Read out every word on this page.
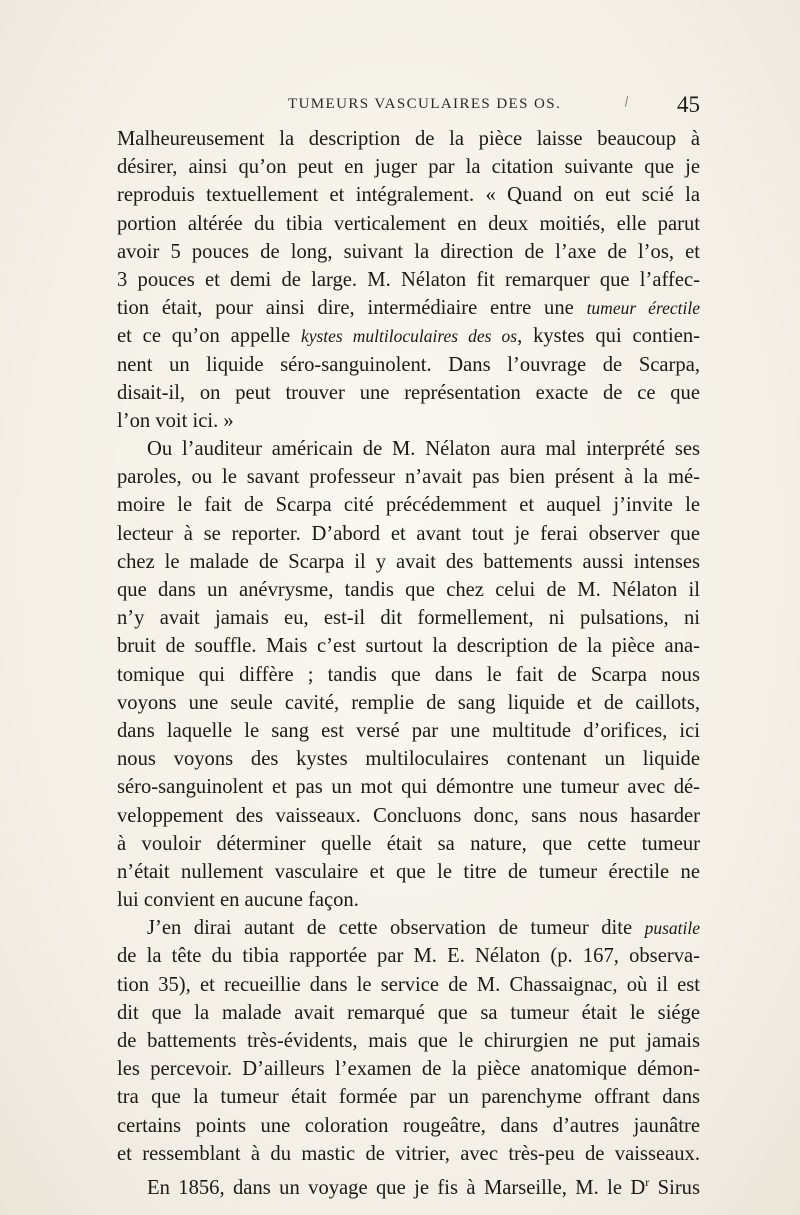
TUMEURS VASCULAIRES DES OS.	45
Malheureusement la description de la pièce laisse beaucoup à
désirer, ainsi qu’on peut en juger par la citation suivante que je
reproduis textuellement et intégralement. « Quand on eut scié la
portion altérée du tibia verticalement en deux moitiés, elle parut
avoir 5 pouces de long, suivant la direction de l’axe de l’os, et
3 pouces et demi de large. M. Nélaton fit remarquer que l’affec-
tion était, pour ainsi dire, intermédiaire entre une tumeur érectile
et ce qu’on appelle kystes multiloculaires des os, kystes qui contien-
nent un liquide séro-sanguinolent. Dans l’ouvrage de Scarpa,
disait-il, on peut trouver une représentation exacte de ce que
l’on voit ici. »
Ou l’auditeur américain de M. Nélaton aura mal interprété ses
paroles, ou le savant professeur n’avait pas bien présent à la mé-
moire le fait de Scarpa cité précédemment et auquel j’invite le
lecteur à se reporter. D’abord et avant tout je ferai observer que
chez le malade de Scarpa il y avait des battements aussi intenses
que dans un anévrysme, tandis que chez celui de M. Nélaton il
n’y avait jamais eu, est-il dit formellement, ni pulsations, ni
bruit de souffle. Mais c’est surtout la description de la pièce ana-
tomique qui diffère ; tandis que dans le fait de Scarpa nous
voyons une seule cavité, remplie de sang liquide et de caillots,
dans laquelle le sang est versé par une multitude d’orifices, ici
nous voyons des kystes multiloculaires contenant un liquide
séro-sanguinolent et pas un mot qui démontre une tumeur avec dé-
veloppement des vaisseaux. Concluons donc, sans nous hasarder
à vouloir déterminer quelle était sa nature, que cette tumeur
n’était nullement vasculaire et que le titre de tumeur érectile ne
lui convient en aucune façon.
J’en dirai autant de cette observation de tumeur dite pusatile
de la tête du tibia rapportée par M. E. Nélaton (p. 167, observa-
tion 35), et recueillie dans le service de M. Chassaignac, où il est
dit que la malade avait remarqué que sa tumeur était le siége
de battements très-évidents, mais que le chirurgien ne put jamais
les percevoir. D’ailleurs l’examen de la pièce anatomique démon-
tra que la tumeur était formée par un parenchyme offrant dans
certains points une coloration rougeâtre, dans d’autres jaunâtre
et ressemblant à du mastic de vitrier, avec très-peu de vaisseaux.
En 1856, dans un voyage que je fis à Marseille, M. le $D^r$ Sirus
